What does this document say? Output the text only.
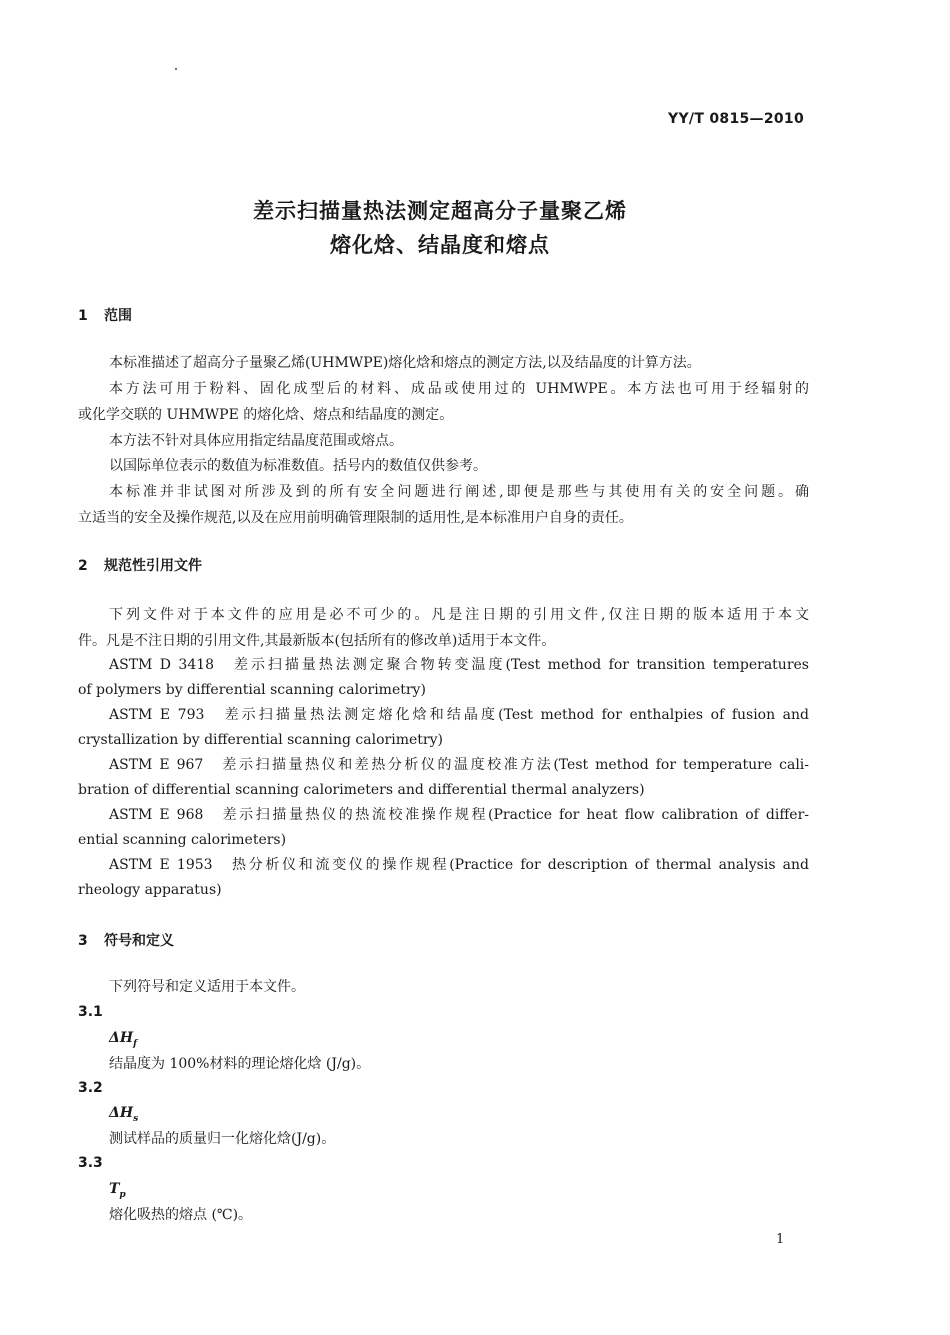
YY/T 0815—2010
差示扫描量热法测定超高分子量聚乙烯
熔化焓、结晶度和熔点
1 范围
本标准描述了超高分子量聚乙烯(UHMWPE)熔化焓和熔点的测定方法,以及结晶度的计算方法。
本方法可用于粉料、固化成型后的材料、成品或使用过的 UHMWPE。本方法也可用于经辐射的
或化学交联的 UHMWPE 的熔化焓、熔点和结晶度的测定。
本方法不针对具体应用指定结晶度范围或熔点。
以国际单位表示的数值为标准数值。括号内的数值仅供参考。
本标准并非试图对所涉及到的所有安全问题进行阐述,即便是那些与其使用有关的安全问题。确
立适当的安全及操作规范,以及在应用前明确管理限制的适用性,是本标准用户自身的责任。
2 规范性引用文件
下列文件对于本文件的应用是必不可少的。凡是注日期的引用文件,仅注日期的版本适用于本文
件。凡是不注日期的引用文件,其最新版本(包括所有的修改单)适用于本文件。
ASTM D 3418　差示扫描量热法测定聚合物转变温度(Test method for transition temperatures
of polymers by differential scanning calorimetry)
ASTM E 793　差示扫描量热法测定熔化焓和结晶度(Test method for enthalpies of fusion and
crystallization by differential scanning calorimetry)
ASTM E 967　差示扫描量热仪和差热分析仪的温度校准方法(Test method for temperature cali-
bration of differential scanning calorimeters and differential thermal analyzers)
ASTM E 968　差示扫描量热仪的热流校准操作规程(Practice for heat flow calibration of differ-
ential scanning calorimeters)
ASTM E 1953　热分析仪和流变仪的操作规程(Practice for description of thermal analysis and
rheology apparatus)
3 符号和定义
下列符号和定义适用于本文件。
3.1
$\Delta H_f$
结晶度为 100%材料的理论熔化焓 (J/g)。
3.2
$\Delta H_s$
测试样品的质量归一化熔化焓(J/g)。
3.3
$T_p$
熔化吸热的熔点 (℃)。
1
